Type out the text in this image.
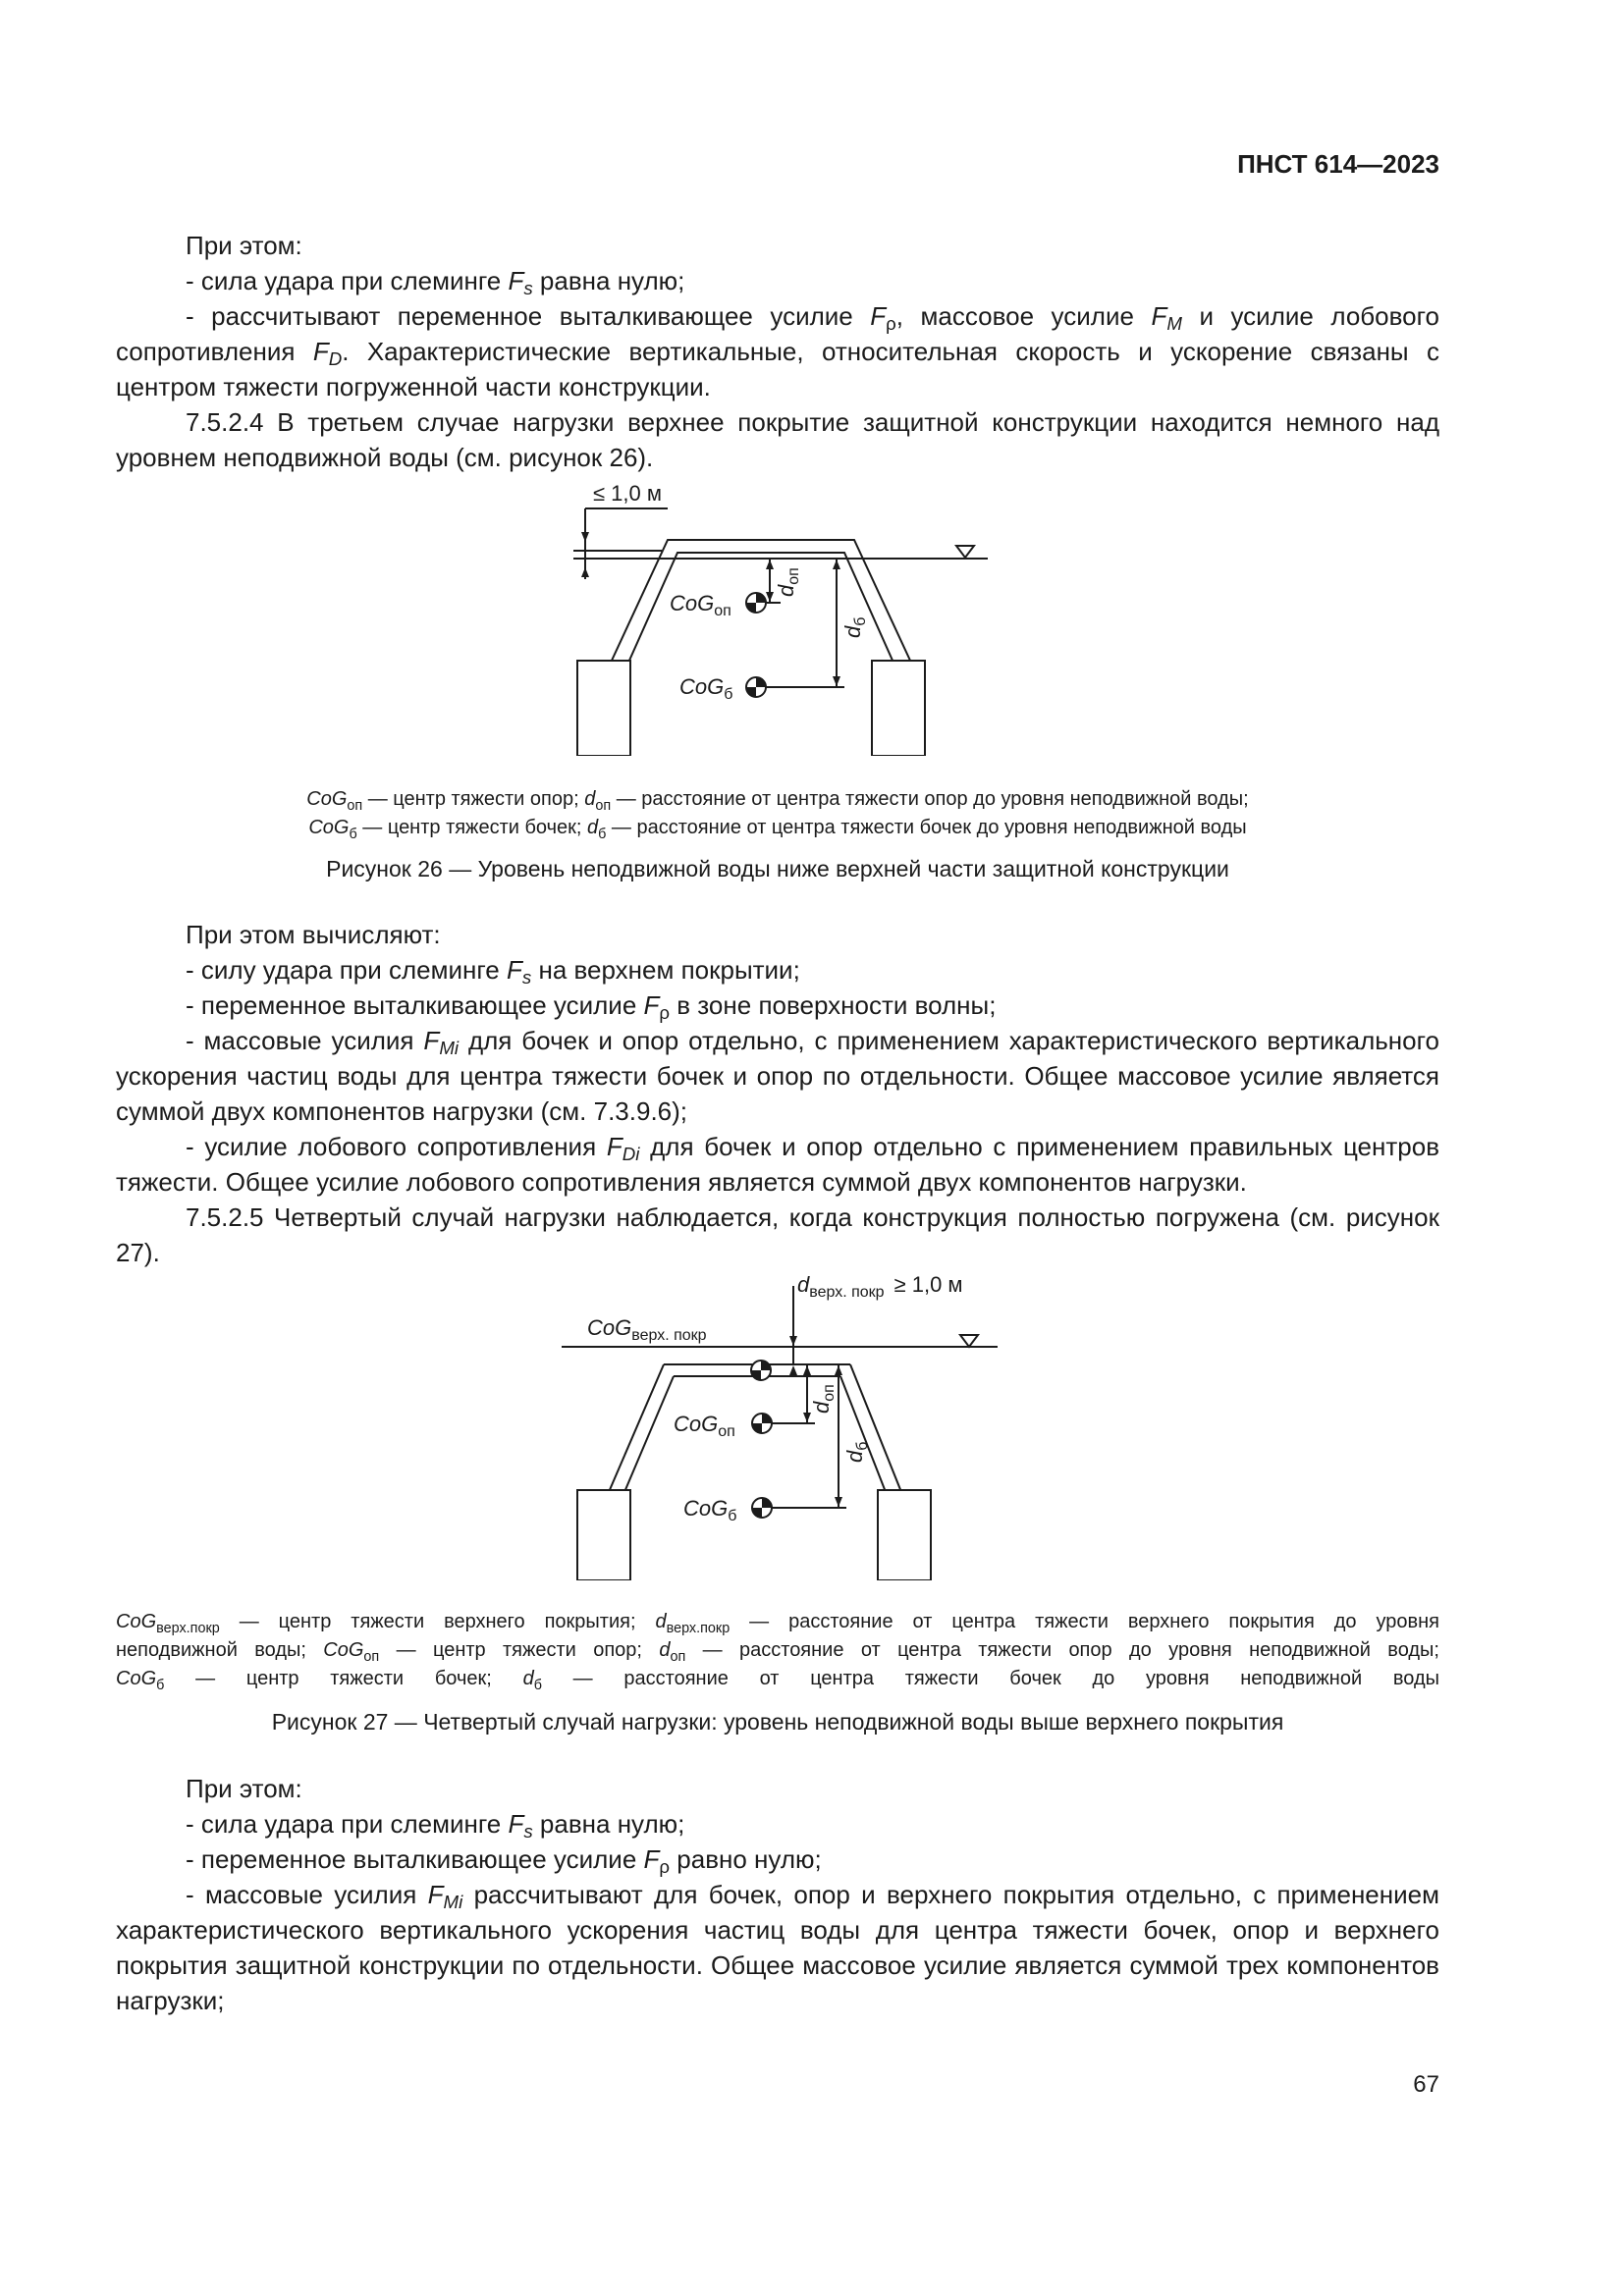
ПНСТ 614—2023

При этом:

- сила удара при слеминге $F_s$ равна нулю;

- рассчитывают переменное выталкивающее усилие $F_\rho$, массовое усилие $F_M$ и усилие лобового сопротивления $F_D$. Характеристические вертикальные, относительная скорость и ускорение связаны с центром тяжести погруженной части конструкции.

7.5.2.4 В третьем случае нагрузки верхнее покрытие защитной конструкции находится немного над уровнем неподвижной воды (см. рисунок 26).

≤ 1,0 м
CoG$_{оп}$
CoG$_б$
$d_{оп}$
$d_б$

CoG$_{оп}$ — центр тяжести опор; $d_{оп}$ — расстояние от центра тяжести опор до уровня неподвижной воды;

CoG$_б$ — центр тяжести бочек; $d_б$ — расстояние от центра тяжести бочек до уровня неподвижной воды

Рисунок 26 — Уровень неподвижной воды ниже верхней части защитной конструкции

При этом вычисляют:

- силу удара при слеминге $F_s$ на верхнем покрытии;

- переменное выталкивающее усилие $F_\rho$ в зоне поверхности волны;

- массовые усилия $F_{Mi}$ для бочек и опор отдельно, с применением характеристического вертикального ускорения частиц воды для центра тяжести бочек и опор по отдельности. Общее массовое усилие является суммой двух компонентов нагрузки (см. 7.3.9.6);

- усилие лобового сопротивления $F_{Di}$ для бочек и опор отдельно с применением правильных центров тяжести. Общее усилие лобового сопротивления является суммой двух компонентов нагрузки.

7.5.2.5 Четвертый случай нагрузки наблюдается, когда конструкция полностью погружена (см. рисунок 27).

$d_{верх. покр} \ge 1,0$ м
CoG$_{верх. покр}$
CoG$_{оп}$
CoG$_б$
$d_{оп}$
$d_б$

CoG$_{верх.покр}$ — центр тяжести верхнего покрытия; $d_{верх.покр}$ — расстояние от центра тяжести верхнего покрытия до уровня

неподвижной воды; CoG$_{оп}$ — центр тяжести опор; $d_{оп}$ — расстояние от центра тяжести опор до уровня неподвижной воды;

CoG$_б$ — центр тяжести бочек; $d_б$ — расстояние от центра тяжести бочек до уровня неподвижной воды

Рисунок 27 — Четвертый случай нагрузки: уровень неподвижной воды выше верхнего покрытия

При этом:

- сила удара при слеминге $F_s$ равна нулю;

- переменное выталкивающее усилие $F_\rho$ равно нулю;

- массовые усилия $F_{Mi}$ рассчитывают для бочек, опор и верхнего покрытия отдельно, с применением характеристического вертикального ускорения частиц воды для центра тяжести бочек, опор и верхнего покрытия защитной конструкции по отдельности. Общее массовое усилие является суммой трех компонентов нагрузки;

67
